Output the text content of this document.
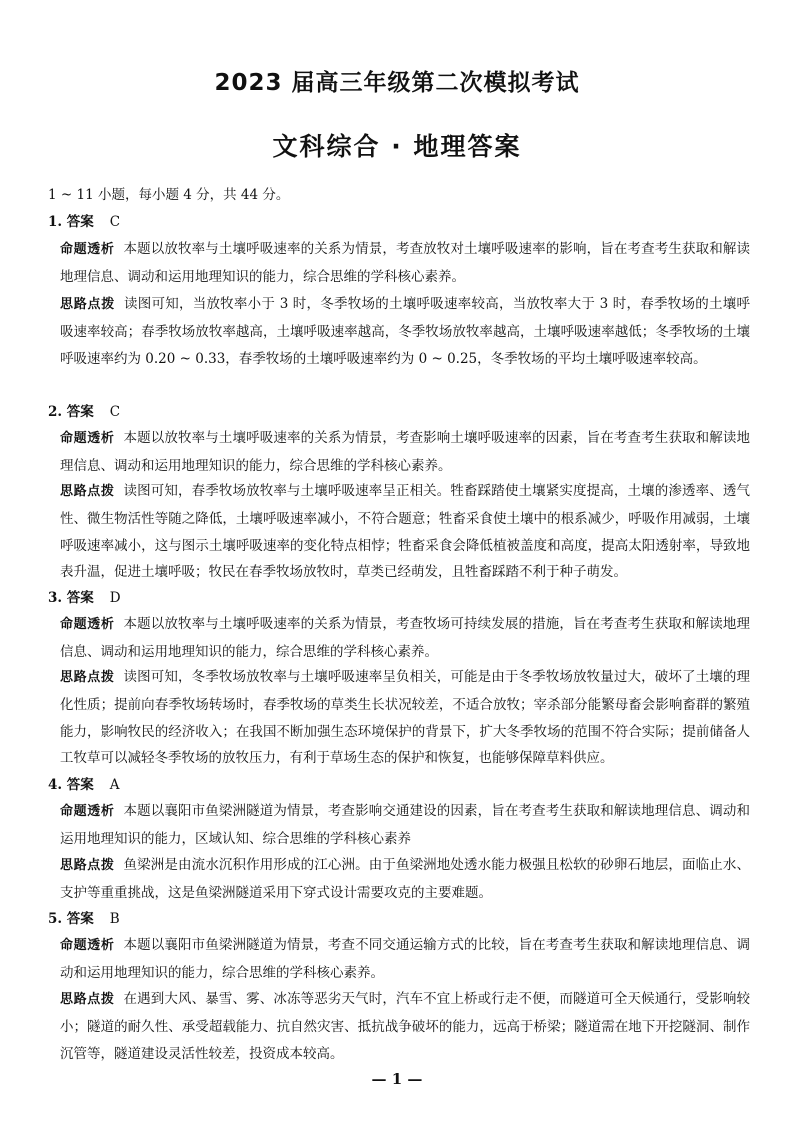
2023 届高三年级第二次模拟考试
文科综合 · 地理答案
1 ~ 11 小题，每小题 4 分，共 44 分。
1. 答案 C

命题透析 本题以放牧率与土壤呼吸速率的关系为情景，考查放牧对土壤呼吸速率的影响，旨在考查考生获取和解读地理信息、调动和运用地理知识的能力，综合思维的学科核心素养。

思路点拨 读图可知，当放牧率小于 3 时，冬季牧场的土壤呼吸速率较高，当放牧率大于 3 时，春季牧场的土壤呼吸速率较高；春季牧场放牧率越高，土壤呼吸速率越高，冬季牧场放牧率越高，土壤呼吸速率越低；冬季牧场的土壤呼吸速率约为 0.20 ~ 0.33，春季牧场的土壤呼吸速率约为 0 ~ 0.25，冬季牧场的平均土壤呼吸速率较高。

2. 答案 C

命题透析 本题以放牧率与土壤呼吸速率的关系为情景，考查影响土壤呼吸速率的因素，旨在考查考生获取和解读地理信息、调动和运用地理知识的能力，综合思维的学科核心素养。

思路点拨 读图可知，春季牧场放牧率与土壤呼吸速率呈正相关。牲畜踩踏使土壤紧实度提高，土壤的渗透率、透气性、微生物活性等随之降低，土壤呼吸速率减小，不符合题意；牲畜采食使土壤中的根系减少，呼吸作用减弱，土壤呼吸速率减小，这与图示土壤呼吸速率的变化特点相悖；牲畜采食会降低植被盖度和高度，提高太阳透射率，导致地表升温，促进土壤呼吸；牧民在春季牧场放牧时，草类已经萌发，且牲畜踩踏不利于种子萌发。

3. 答案 D

命题透析 本题以放牧率与土壤呼吸速率的关系为情景，考查牧场可持续发展的措施，旨在考查考生获取和解读地理信息、调动和运用地理知识的能力，综合思维的学科核心素养。

思路点拨 读图可知，冬季牧场放牧率与土壤呼吸速率呈负相关，可能是由于冬季牧场放牧量过大，破坏了土壤的理化性质；提前向春季牧场转场时，春季牧场的草类生长状况较差，不适合放牧；宰杀部分能繁母畜会影响畜群的繁殖能力，影响牧民的经济收入；在我国不断加强生态环境保护的背景下，扩大冬季牧场的范围不符合实际；提前储备人工牧草可以减轻冬季牧场的放牧压力，有利于草场生态的保护和恢复，也能够保障草料供应。

4. 答案 A

命题透析 本题以襄阳市鱼梁洲隧道为情景，考查影响交通建设的因素，旨在考查考生获取和解读地理信息、调动和运用地理知识的能力，区域认知、综合思维的学科核心素养

思路点拨 鱼梁洲是由流水沉积作用形成的江心洲。由于鱼梁洲地处透水能力极强且松软的砂卵石地层，面临止水、支护等重重挑战，这是鱼梁洲隧道采用下穿式设计需要攻克的主要难题。

5. 答案 B

命题透析 本题以襄阳市鱼梁洲隧道为情景，考查不同交通运输方式的比较，旨在考查考生获取和解读地理信息、调动和运用地理知识的能力，综合思维的学科核心素养。

思路点拨 在遇到大风、暴雪、雾、冰冻等恶劣天气时，汽车不宜上桥或行走不便，而隧道可全天候通行，受影响较小；隧道的耐久性、承受超载能力、抗自然灾害、抵抗战争破坏的能力，远高于桥梁；隧道需在地下开挖隧洞、制作沉管等，隧道建设灵活性较差，投资成本较高。

— 1 —
